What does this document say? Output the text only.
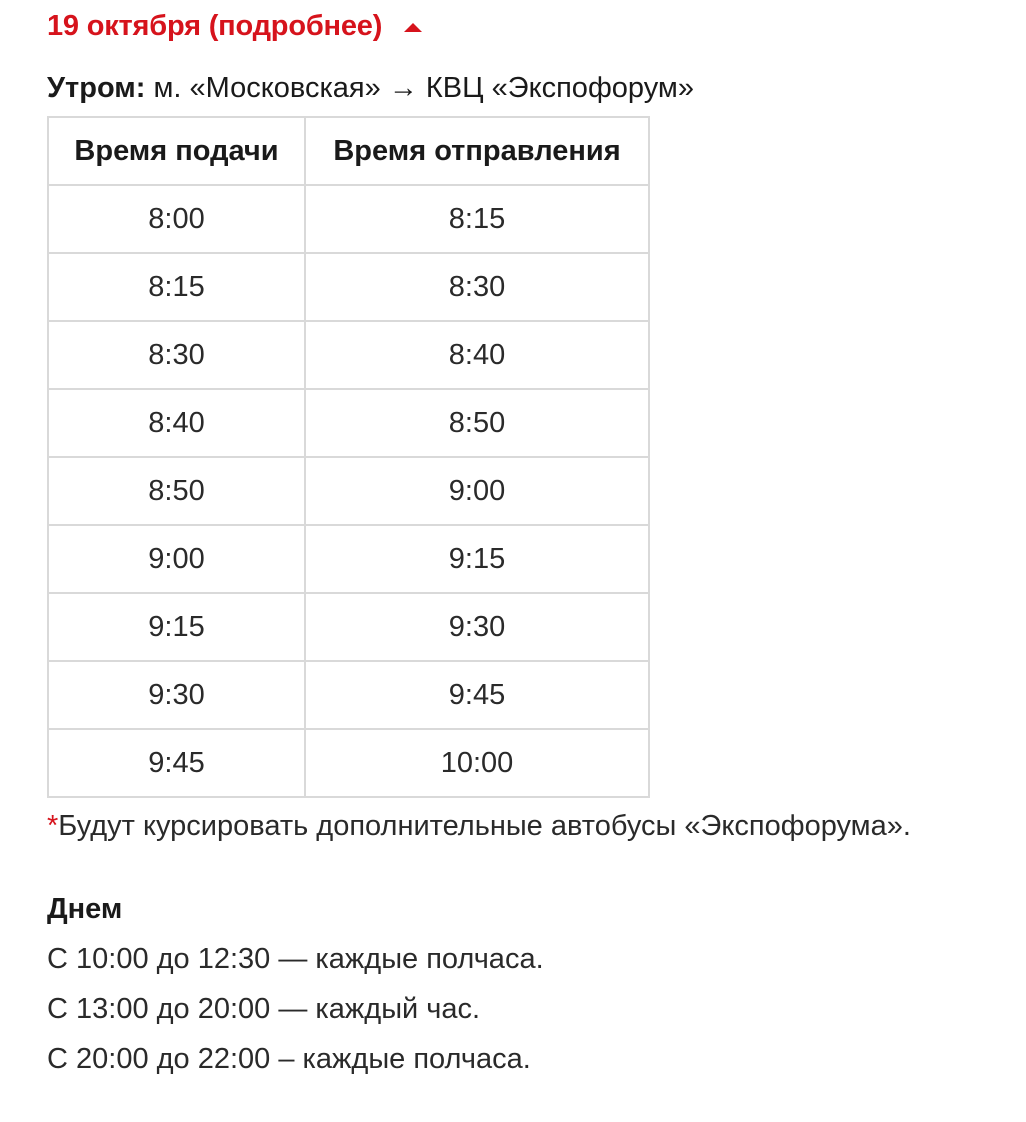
19 октября (подробнее)
Утром: м. «Московская» → КВЦ «Экспофорум»
Время подачи	Время отправления
8:00	8:15
8:15	8:30
8:30	8:40
8:40	8:50
8:50	9:00
9:00	9:15
9:15	9:30
9:30	9:45
9:45	10:00
*Будут курсировать дополнительные автобусы «Экспофорума».
Днем
С 10:00 до 12:30 — каждые полчаса.
С 13:00 до 20:00 — каждый час.
С 20:00 до 22:00 – каждые полчаса.
